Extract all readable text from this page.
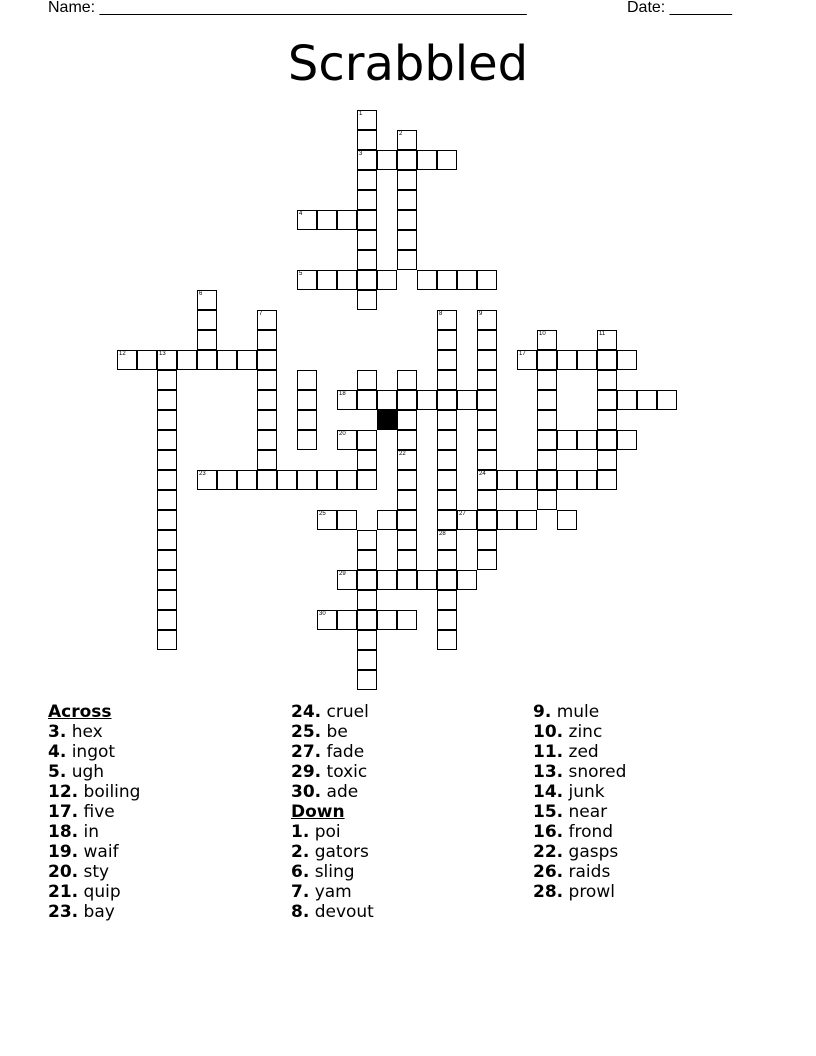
Name: ________________________________________________	Date: _______
Scrabbled
1
3
2
4
5
6
7	8	9
24
10	11
12	13	17
22
18
20
23
25	27
28
29
30
Across
3. hex
4. ingot
5. ugh
12. boiling
17. five
18. in
19. waif
20. sty
21. quip
23. bay
24. cruel
25. be
27. fade
29. toxic
30. ade
Down
1. poi
2. gators
6. sling
7. yam
8. devout
9. mule
10. zinc
11. zed
13. snored
14. junk
15. near
16. frond
22. gasps
26. raids
28. prowl
